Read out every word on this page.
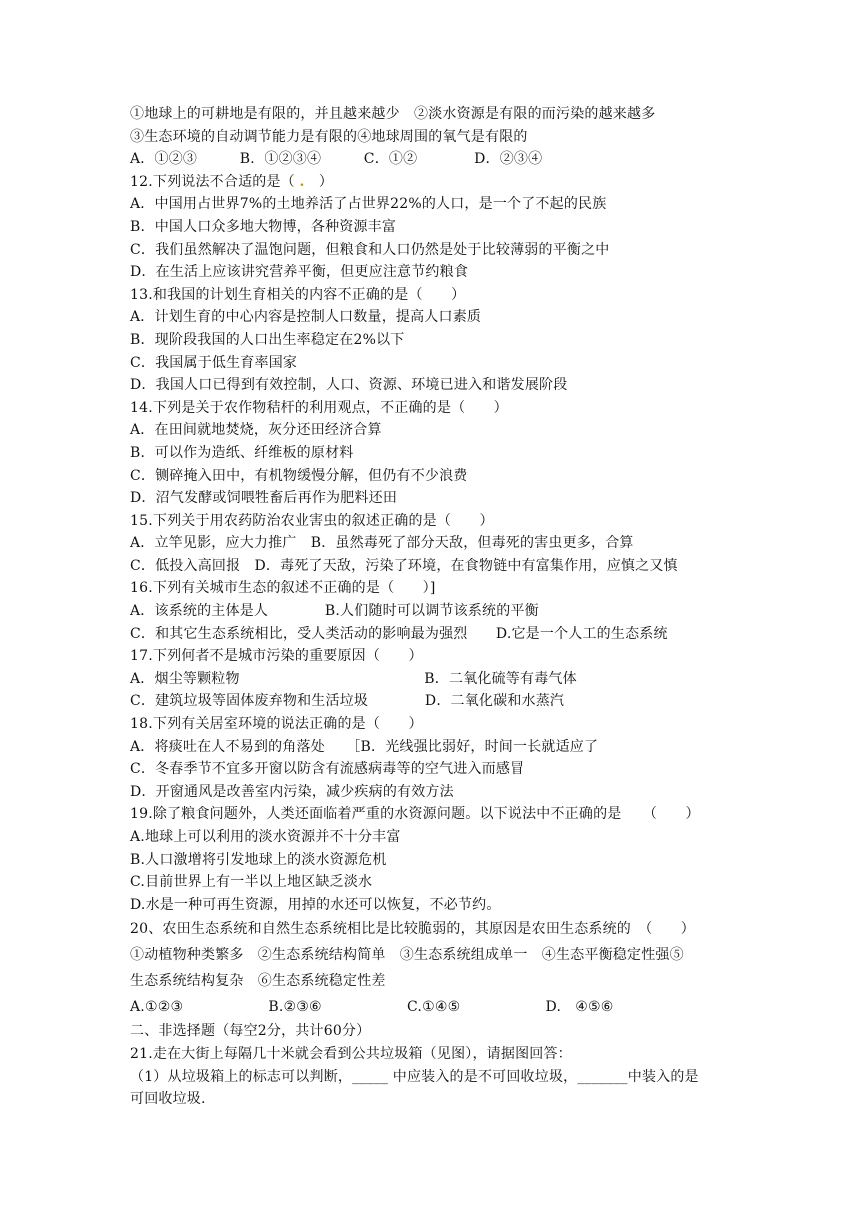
①地球上的可耕地是有限的，并且越来越少　②淡水资源是有限的而污染的越来越多
③生态环境的自动调节能力是有限的④地球周围的氧气是有限的
A．①②③　　　B．①②③④　　　C．①②　　　　D．②③④
12.下列说法不合适的是（ .　 ）
A．中国用占世界7%的土地养活了占世界22%的人口，是一个了不起的民族
B．中国人口众多地大物博，各种资源丰富
C．我们虽然解决了温饱问题，但粮食和人口仍然是处于比较薄弱的平衡之中
D．在生活上应该讲究营养平衡，但更应注意节约粮食
13.和我国的计划生育相关的内容不正确的是（　　）
A．计划生育的中心内容是控制人口数量，提高人口素质
B．现阶段我国的人口出生率稳定在2%以下
C．我国属于低生育率国家
D．我国人口已得到有效控制，人口、资源、环境已进入和谐发展阶段
14.下列是关于农作物秸杆的利用观点，不正确的是（　　）
A．在田间就地焚烧，灰分还田经济合算
B．可以作为造纸、纤维板的原材料
C．铡碎掩入田中，有机物缓慢分解，但仍有不少浪费
D．沼气发酵或饲喂牲畜后再作为肥料还田
15.下列关于用农药防治农业害虫的叙述正确的是（　　）
A．立竿见影，应大力推广　B．虽然毒死了部分天敌，但毒死的害虫更多，合算
C．低投入高回报　D．毒死了天敌，污染了环境，在食物链中有富集作用，应慎之又慎
16.下列有关城市生态的叙述不正确的是（　　）]
A．该系统的主体是人　　　　B.人们随时可以调节该系统的平衡
C．和其它生态系统相比，受人类活动的影响最为强烈　　D.它是一个人工的生态系统
17.下列何者不是城市污染的重要原因（　　）
A．烟尘等颗粒物　　　　　　　　　　　　　B．二氧化硫等有毒气体
C．建筑垃圾等固体废弃物和生活垃圾　　　　D．二氧化碳和水蒸汽
18.下列有关居室环境的说法正确的是（　　）
A．将痰吐在人不易到的角落处　　［B．光线强比弱好，时间一长就适应了
C．冬春季节不宜多开窗以防含有流感病毒等的空气进入而感冒
D．开窗通风是改善室内污染，减少疾病的有效方法
19.除了粮食问题外，人类还面临着严重的水资源问题。以下说法中不正确的是　　（　　）
A.地球上可以利用的淡水资源并不十分丰富
B.人口激增将引发地球上的淡水资源危机
C.目前世界上有一半以上地区缺乏淡水
D.水是一种可再生资源，用掉的水还可以恢复，不必节约。
20、农田生态系统和自然生态系统相比是比较脆弱的，其原因是农田生态系统的　（　　）
①动植物种类繁多　②生态系统结构简单　③生态系统组成单一　④生态平衡稳定性强⑤
生态系统结构复杂　⑥生态系统稳定性差
A.①②③　　　　　　B.②③⑥　　　　　　C.①④⑤　　　　　　D.　④⑤⑥
二、非选择题（每空2分，共计60分）
21.走在大街上每隔几十米就会看到公共垃圾箱（见图），请据图回答：
（1）从垃圾箱上的标志可以判断，_____ 中应装入的是不可回收垃圾，_______中装入的是
可回收垃圾.
